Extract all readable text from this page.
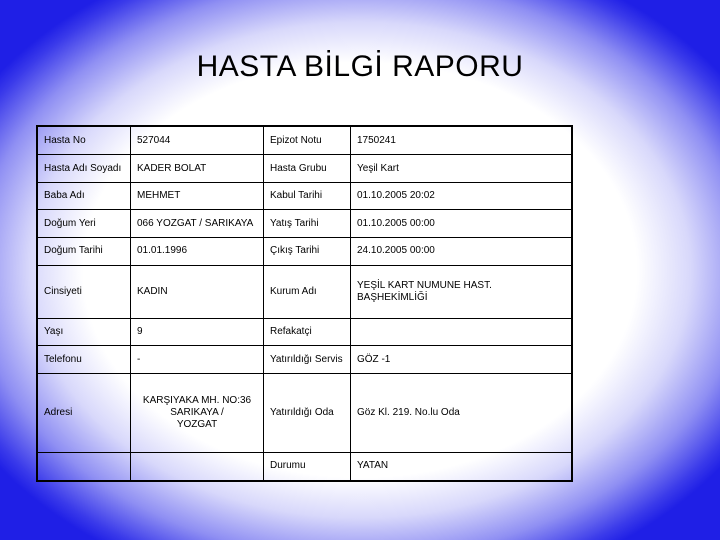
HASTA BİLGİ RAPORU
Hasta No	527044	Epizot Notu	1750241
Hasta Adı Soyadı	KADER BOLAT	Hasta Grubu	Yeşil Kart
Baba Adı	MEHMET	Kabul Tarihi	01.10.2005 20:02
Doğum Yeri	066 YOZGAT / SARIKAYA	Yatış Tarihi	01.10.2005 00:00
Doğum Tarihi	01.01.1996	Çıkış Tarihi	24.10.2005 00:00
Cinsiyeti	KADIN	Kurum Adı	YEŞİL KART NUMUNE HAST. BAŞHEKİMLİĞİ
Yaşı	9	Refakatçi	
Telefonu	-	Yatırıldığı Servis	GÖZ -1
Adresi	KARŞIYAKA MH. NO:36
SARIKAYA /
YOZGAT	Yatırıldığı Oda	Göz Kl. 219. No.lu Oda
		Durumu	YATAN
